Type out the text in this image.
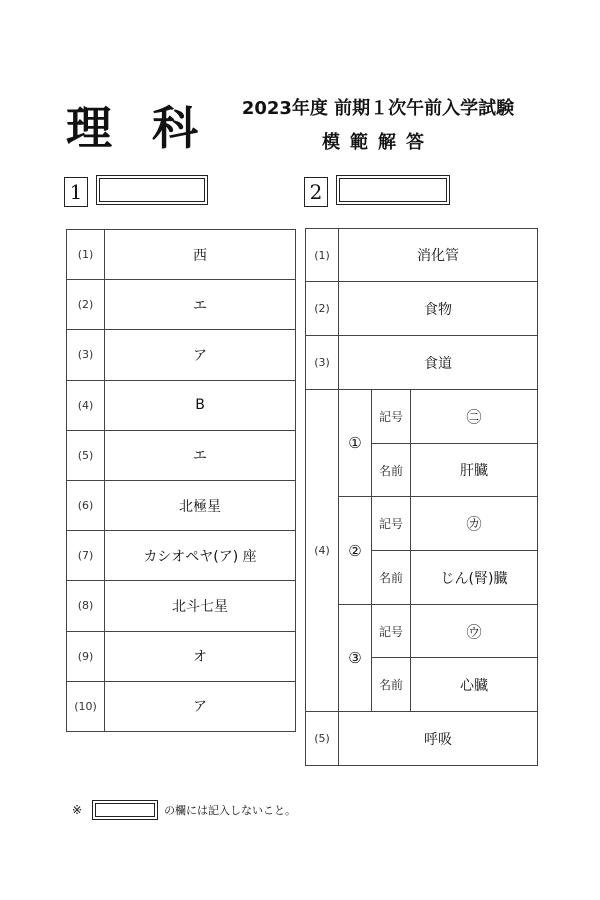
理 科	2023年度 前期１次午前入学試験
模範解答
1	2
(1)	西
(2)	エ
(3)	ア
(4)	B
(5)	エ
(6)	北極星
(7)	カシオペヤ(ア) 座
(8)	北斗七星
(9)	オ
(10)	ア
(1)	消化管		
(2)	食物		
(3)	食道		
(4)	①	記号	㊁
		名前	肝臓
	②	記号	㋕
		名前	じん(腎)臓
	③	記号	㋒
		名前	心臓
(5)	呼吸		
※	の欄には記入しないこと。
